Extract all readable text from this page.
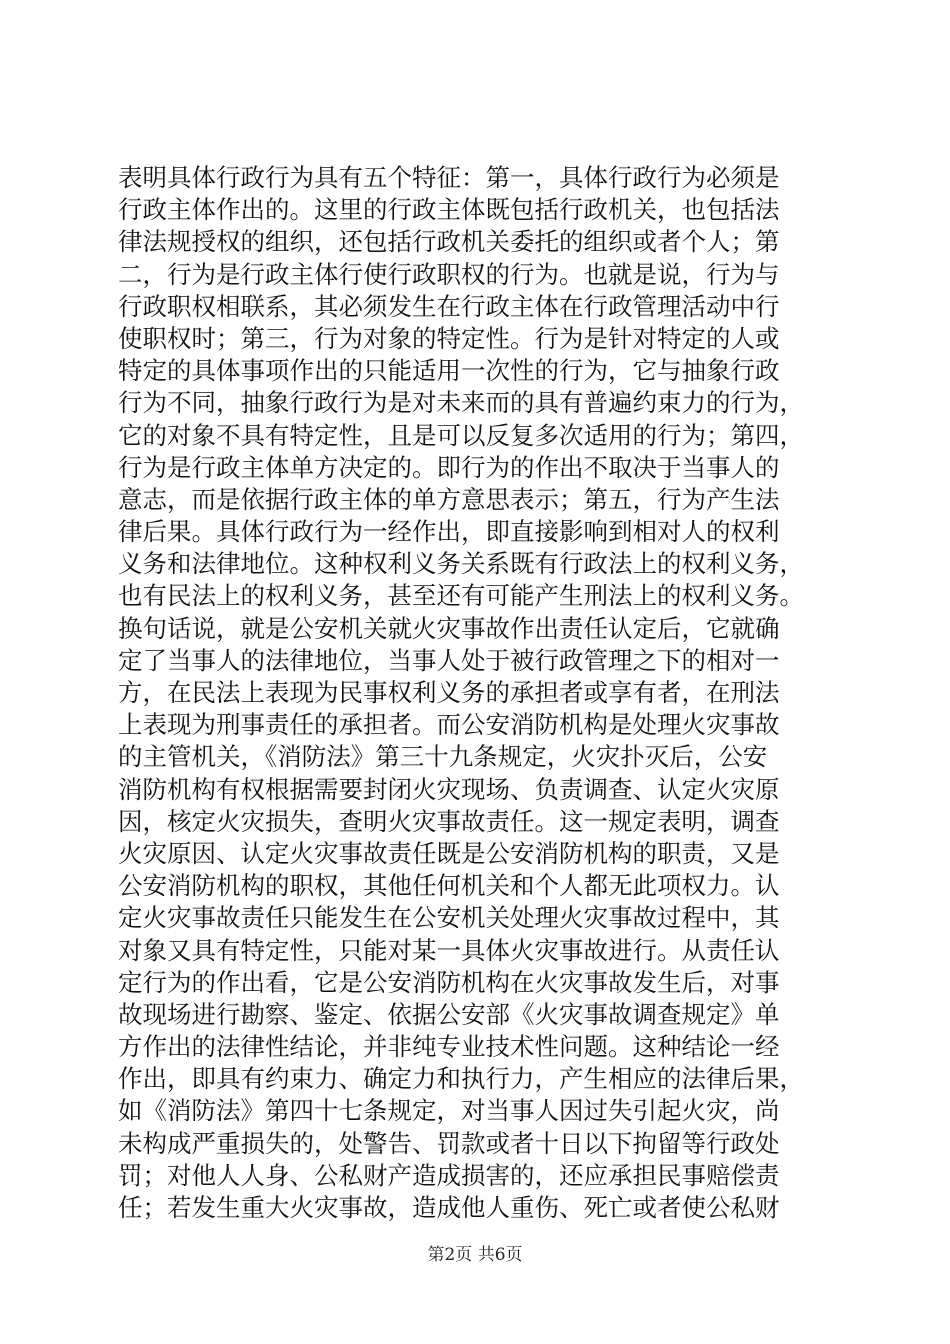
表明具体行政行为具有五个特征：第一，具体行政行为必须是
行政主体作出的。这里的行政主体既包括行政机关，也包括法
律法规授权的组织，还包括行政机关委托的组织或者个人；第
二，行为是行政主体行使行政职权的行为。也就是说，行为与
行政职权相联系，其必须发生在行政主体在行政管理活动中行
使职权时；第三，行为对象的特定性。行为是针对特定的人或
特定的具体事项作出的只能适用一次性的行为，它与抽象行政
行为不同，抽象行政行为是对未来而的具有普遍约束力的行为，
它的对象不具有特定性，且是可以反复多次适用的行为；第四，
行为是行政主体单方决定的。即行为的作出不取决于当事人的
意志，而是依据行政主体的单方意思表示；第五，行为产生法
律后果。具体行政行为一经作出，即直接影响到相对人的权利
义务和法律地位。这种权利义务关系既有行政法上的权利义务，
也有民法上的权利义务，甚至还有可能产生刑法上的权利义务。
换句话说，就是公安机关就火灾事故作出责任认定后，它就确
定了当事人的法律地位，当事人处于被行政管理之下的相对一
方，在民法上表现为民事权利义务的承担者或享有者，在刑法
上表现为刑事责任的承担者。而公安消防机构是处理火灾事故
的主管机关，《消防法》第三十九条规定，火灾扑灭后，公安
消防机构有权根据需要封闭火灾现场、负责调查、认定火灾原
因，核定火灾损失，查明火灾事故责任。这一规定表明，调查
火灾原因、认定火灾事故责任既是公安消防机构的职责，又是
公安消防机构的职权，其他任何机关和个人都无此项权力。认
定火灾事故责任只能发生在公安机关处理火灾事故过程中，其
对象又具有特定性，只能对某一具体火灾事故进行。从责任认
定行为的作出看，它是公安消防机构在火灾事故发生后，对事
故现场进行勘察、鉴定、依据公安部《火灾事故调查规定》单
方作出的法律性结论，并非纯专业技术性问题。这种结论一经
作出，即具有约束力、确定力和执行力，产生相应的法律后果，
如《消防法》第四十七条规定，对当事人因过失引起火灾，尚
未构成严重损失的，处警告、罚款或者十日以下拘留等行政处
罚；对他人人身、公私财产造成损害的，还应承担民事赔偿责
任；若发生重大火灾事故，造成他人重伤、死亡或者使公私财
第2页 共6页
